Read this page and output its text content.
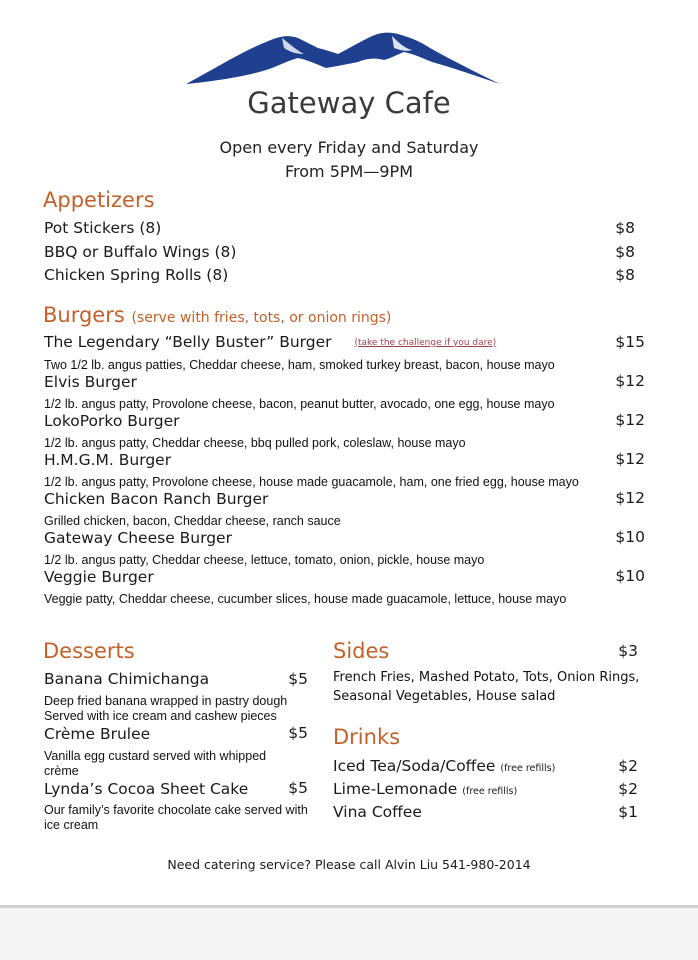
Gateway Cafe
Open every Friday and Saturday
From 5PM—9PM
Appetizers
Pot Stickers (8)	$8
BBQ or Buffalo Wings (8)	$8
Chicken Spring Rolls (8)	$8
Burgers (serve with fries, tots, or onion rings)
The Legendary “Belly Buster” Burger	(take the challenge if you dare)	$15
Two 1/2 lb. angus patties, Cheddar cheese, ham, smoked turkey breast, bacon, house mayo
Elvis Burger	$12
1/2 lb. angus patty, Provolone cheese, bacon, peanut butter, avocado, one egg, house mayo
LokoPorko Burger	$12
1/2 lb. angus patty, Cheddar cheese, bbq pulled pork, coleslaw, house mayo
H.M.G.M. Burger	$12
1/2 lb. angus patty, Provolone cheese, house made guacamole, ham, one fried egg, house mayo
Chicken Bacon Ranch Burger	$12
Grilled chicken, bacon, Cheddar cheese, ranch sauce
Gateway Cheese Burger	$10
1/2 lb. angus patty, Cheddar cheese, lettuce, tomato, onion, pickle, house mayo
Veggie Burger	$10
Veggie patty, Cheddar cheese, cucumber slices, house made guacamole, lettuce, house mayo
Desserts
Banana Chimichanga	$5
Deep fried banana wrapped in pastry dough Served with ice cream and cashew pieces
Crème Brulee	$5
Vanilla egg custard served with whipped crème
Lynda’s Cocoa Sheet Cake	$5
Our family’s favorite chocolate cake served with ice cream
Sides	$3
French Fries, Mashed Potato, Tots, Onion Rings, Seasonal Vegetables, House salad
Drinks
Iced Tea/Soda/Coffee (free refills)	$2
Lime-Lemonade (free refills)	$2
Vina Coffee	$1
Need catering service? Please call Alvin Liu 541-980-2014
